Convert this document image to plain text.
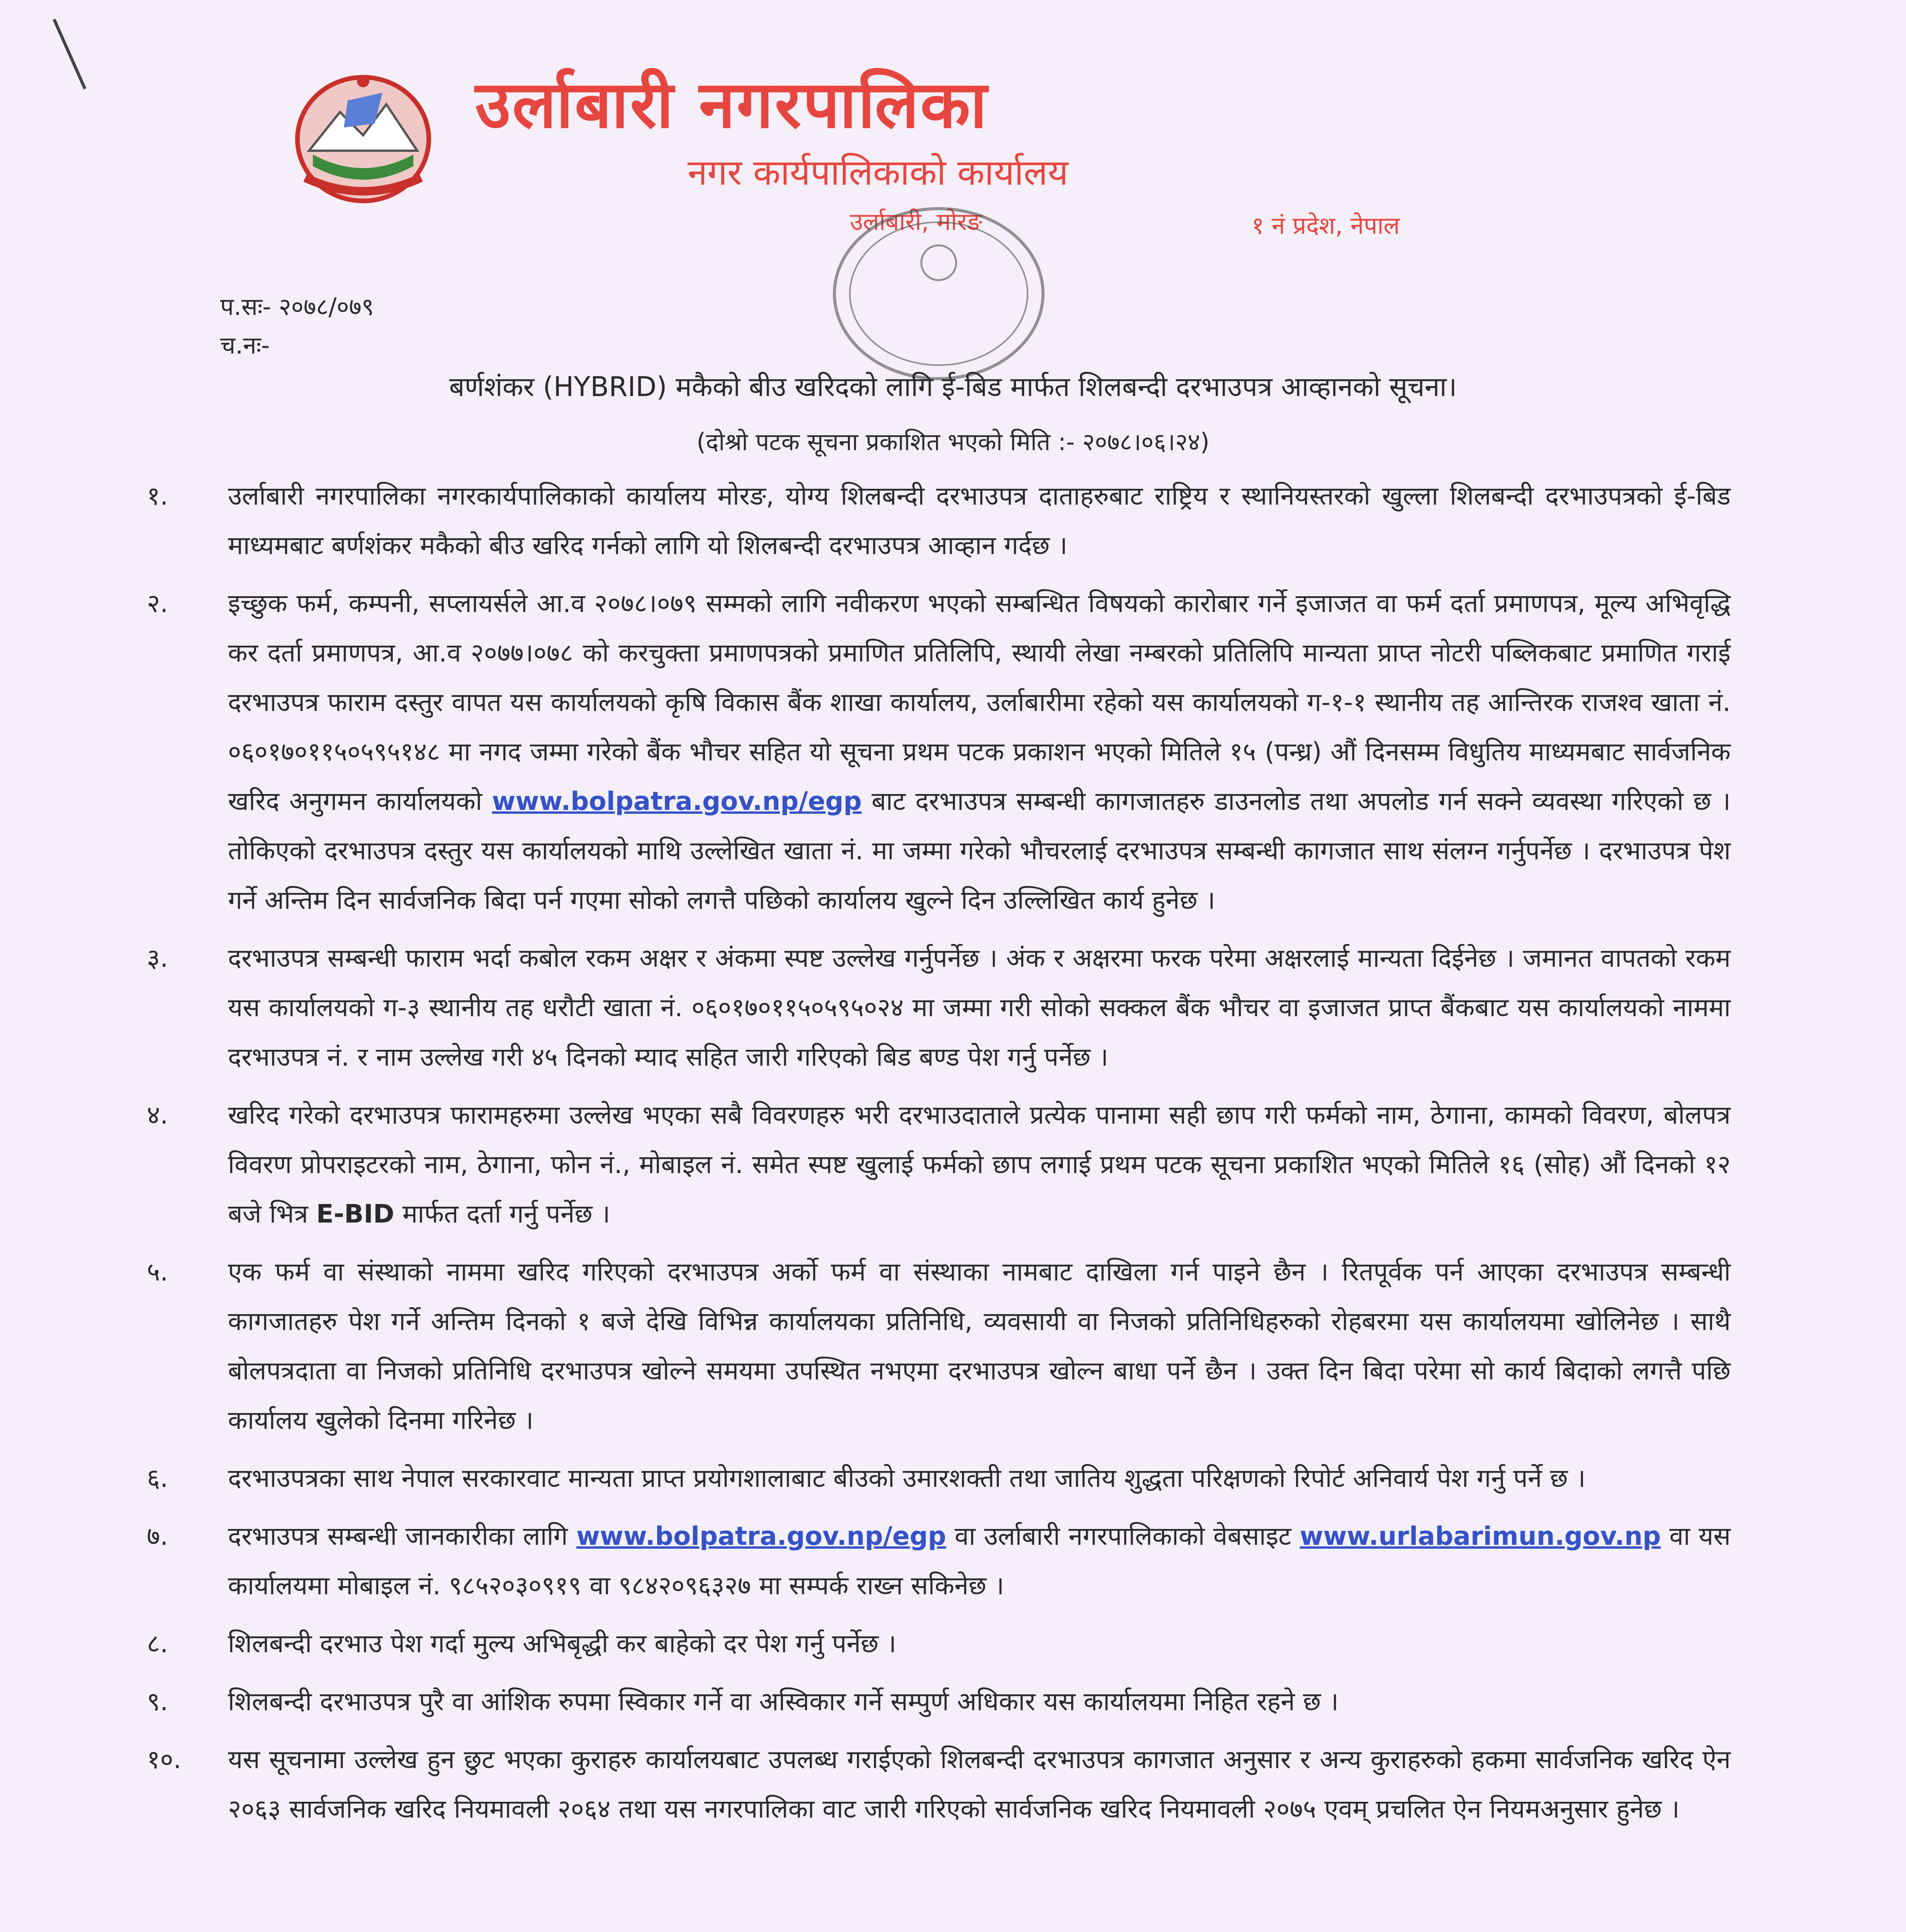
उर्लाबारी नगरपालिका
नगर कार्यपालिकाको कार्यालय
उर्लाबारी, मोरङ	१ नं प्रदेश, नेपाल
प.सः- २०७८/०७९
च.नः-
बर्णशंकर (HYBRID) मकैको बीउ खरिदको लागि ई-बिड मार्फत शिलबन्दी दरभाउपत्र आव्हानको सूचना।
(दोश्रो पटक सूचना प्रकाशित भएको मिति :- २०७८।०६।२४)
१.	उर्लाबारी नगरपालिका नगरकार्यपालिकाको कार्यालय मोरङ, योग्य शिलबन्दी दरभाउपत्र दाताहरुबाट राष्ट्रिय र स्थानियस्तरको खुल्ला शिलबन्दी दरभाउपत्रको ई-बिड माध्यमबाट बर्णशंकर मकैको बीउ खरिद गर्नको लागि यो शिलबन्दी दरभाउपत्र आव्हान गर्दछ ।
२.	इच्छुक फर्म, कम्पनी, सप्लायर्सले आ.व २०७८।०७९ सम्मको लागि नवीकरण भएको सम्बन्धित विषयको कारोबार गर्ने इजाजत वा फर्म दर्ता प्रमाणपत्र, मूल्य अभिवृद्धि कर दर्ता प्रमाणपत्र, आ.व २०७७।०७८ को करचुक्ता प्रमाणपत्रको प्रमाणित प्रतिलिपि, स्थायी लेखा नम्बरको प्रतिलिपि मान्यता प्राप्त नोटरी पब्लिकबाट प्रमाणित गराई दरभाउपत्र फाराम दस्तुर वापत यस कार्यालयको कृषि विकास बैंक शाखा कार्यालय, उर्लाबारीमा रहेको यस कार्यालयको ग-१-१ स्थानीय तह आन्तिरक राजश्व खाता नं. ०६०१७०११५०५९५१४८ मा नगद जम्मा गरेको बैंक भौचर सहित यो सूचना प्रथम पटक प्रकाशन भएको मितिले १५ (पन्ध्र) औं दिनसम्म विधुतिय माध्यमबाट सार्वजनिक खरिद अनुगमन कार्यालयको www.bolpatra.gov.np/egp बाट दरभाउपत्र सम्बन्धी कागजातहरु डाउनलोड तथा अपलोड गर्न सक्ने व्यवस्था गरिएको छ । तोकिएको दरभाउपत्र दस्तुर यस कार्यालयको माथि उल्लेखित खाता नं. मा जम्मा गरेको भौचरलाई दरभाउपत्र सम्बन्धी कागजात साथ संलग्न गर्नुपर्नेछ । दरभाउपत्र पेश गर्ने अन्तिम दिन सार्वजनिक बिदा पर्न गएमा सोको लगत्तै पछिको कार्यालय खुल्ने दिन उल्लिखित कार्य हुनेछ ।
३.	दरभाउपत्र सम्बन्धी फाराम भर्दा कबोल रकम अक्षर र अंकमा स्पष्ट उल्लेख गर्नुपर्नेछ । अंक र अक्षरमा फरक परेमा अक्षरलाई मान्यता दिईनेछ । जमानत वापतको रकम यस कार्यालयको ग-३ स्थानीय तह धरौटी खाता नं. ०६०१७०११५०५९५०२४ मा जम्मा गरी सोको सक्कल बैंक भौचर वा इजाजत प्राप्त बैंकबाट यस कार्यालयको नाममा दरभाउपत्र नं. र नाम उल्लेख गरी ४५ दिनको म्याद सहित जारी गरिएको बिड बण्ड पेश गर्नु पर्नेछ ।
४.	खरिद गरेको दरभाउपत्र फारामहरुमा उल्लेख भएका सबै विवरणहरु भरी दरभाउदाताले प्रत्येक पानामा सही छाप गरी फर्मको नाम, ठेगाना, कामको विवरण, बोलपत्र विवरण प्रोपराइटरको नाम, ठेगाना, फोन नं., मोबाइल नं. समेत स्पष्ट खुलाई फर्मको छाप लगाई प्रथम पटक सूचना प्रकाशित भएको मितिले १६ (सोह) औं दिनको १२ बजे भित्र E-BID मार्फत दर्ता गर्नु पर्नेछ ।
५.	एक फर्म वा संस्थाको नाममा खरिद गरिएको दरभाउपत्र अर्को फर्म वा संस्थाका नामबाट दाखिला गर्न पाइने छैन । रितपूर्वक पर्न आएका दरभाउपत्र सम्बन्धी कागजातहरु पेश गर्ने अन्तिम दिनको १ बजे देखि विभिन्न कार्यालयका प्रतिनिधि, व्यवसायी वा निजको प्रतिनिधिहरुको रोहबरमा यस कार्यालयमा खोलिनेछ । साथै बोलपत्रदाता वा निजको प्रतिनिधि दरभाउपत्र खोल्ने समयमा उपस्थित नभएमा दरभाउपत्र खोल्न बाधा पर्ने छैन । उक्त दिन बिदा परेमा सो कार्य बिदाको लगत्तै पछि कार्यालय खुलेको दिनमा गरिनेछ ।
६.	दरभाउपत्रका साथ नेपाल सरकारवाट मान्यता प्राप्त प्रयोगशालाबाट बीउको उमारशक्ती तथा जातिय शुद्धता परिक्षणको रिपोर्ट अनिवार्य पेश गर्नु पर्ने छ ।
७.	दरभाउपत्र सम्बन्धी जानकारीका लागि www.bolpatra.gov.np/egp वा उर्लाबारी नगरपालिकाको वेबसाइट www.urlabarimun.gov.np वा यस कार्यालयमा मोबाइल नं. ९८५२०३०९१९ वा ९८४२०९६३२७ मा सम्पर्क राख्न सकिनेछ ।
८.	शिलबन्दी दरभाउ पेश गर्दा मुल्य अभिबृद्धी कर बाहेको दर पेश गर्नु पर्नेछ ।
९.	शिलबन्दी दरभाउपत्र पुरै वा आंशिक रुपमा स्विकार गर्ने वा अस्विकार गर्ने सम्पुर्ण अधिकार यस कार्यालयमा निहित रहने छ ।
१०.	यस सूचनामा उल्लेख हुन छुट भएका कुराहरु कार्यालयबाट उपलब्ध गराईएको शिलबन्दी दरभाउपत्र कागजात अनुसार र अन्य कुराहरुको हकमा सार्वजनिक खरिद ऐन २०६३ सार्वजनिक खरिद नियमावली २०६४ तथा यस नगरपालिका वाट जारी गरिएको सार्वजनिक खरिद नियमावली २०७५ एवम् प्रचलित ऐन नियमअनुसार हुनेछ ।
